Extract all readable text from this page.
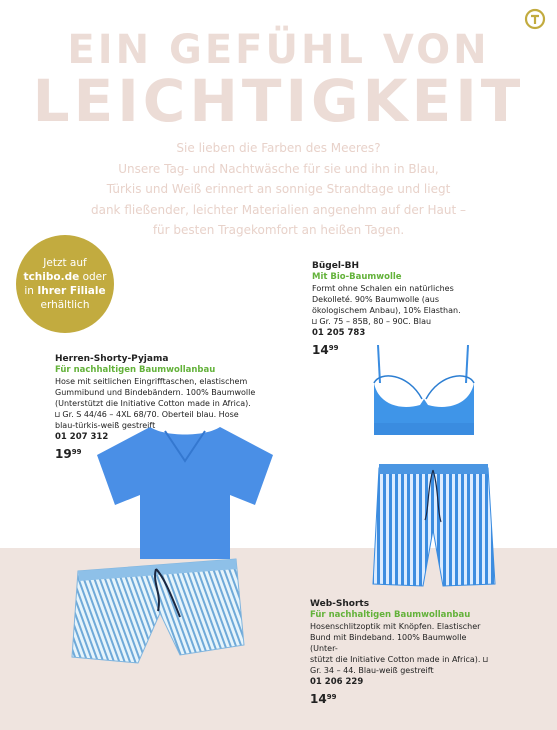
EIN GEFÜHL VON
LEICHTIGKEIT

Sie lieben die Farben des Meeres?
Unsere Tag- und Nachtwäsche für sie und ihn in Blau,
Türkis und Weiß erinnert an sonnige Strandtage und liegt
dank fließender, leichter Materialien angenehm auf der Haut –
für besten Tragekomfort an heißen Tagen.

Jetzt auf
tchibo.de oder
in Ihrer Filiale
erhältlich
Bügel-BH
Mit Bio-Baumwolle
Formt ohne Schalen ein natürliches
Dekolleté. 90% Baumwolle (aus
ökologischem Anbau), 10% Elasthan.
⊔ Gr. 75 – 85B, 80 – 90C. Blau
01 205 783
$14^{99}$
Herren-Shorty-Pyjama
Für nachhaltigen Baumwollanbau
Hose mit seitlichen Eingrifftaschen, elastischem
Gummibund und Bindebändern. 100% Baumwolle
(Unterstützt die Initiative Cotton made in Africa).
⊔ Gr. S 44/46 – 4XL 68/70. Oberteil blau. Hose
blau-türkis-weiß gestreift
01 207 312
$19^{99}$
Web-Shorts
Für nachhaltigen Baumwollanbau
Hosenschlitzoptik mit Knöpfen. Elastischer
Bund mit Bindeband. 100% Baumwolle (Unter-
stützt die Initiative Cotton made in Africa). ⊔
Gr. 34 – 44. Blau-weiß gestreift
01 206 229
$14^{99}$
